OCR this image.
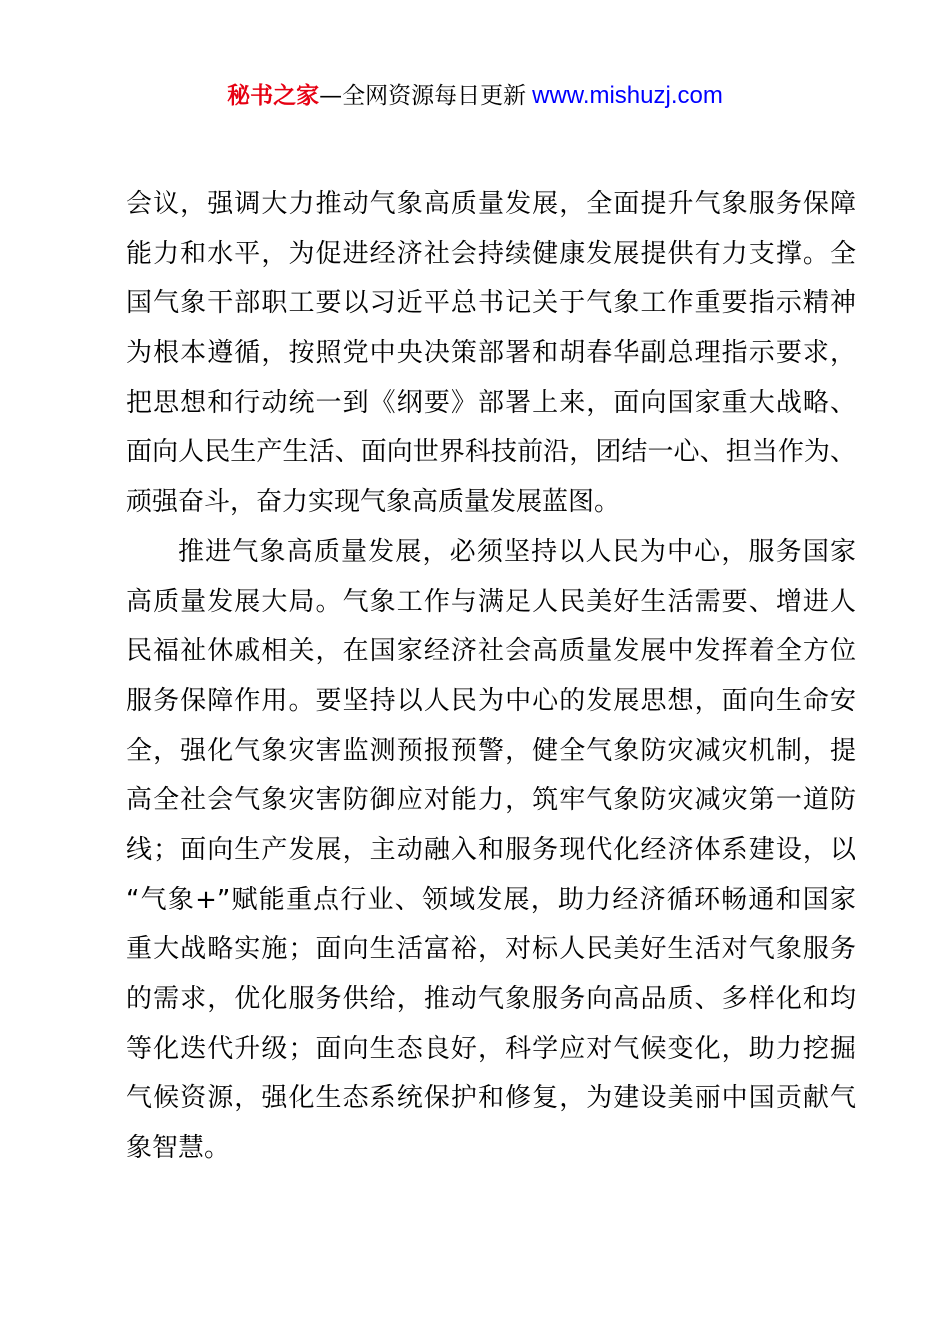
秘书之家—全网资源每日更新 www.mishuzj.com
会议，强调大力推动气象高质量发展，全面提升气象服务保障
能力和水平，为促进经济社会持续健康发展提供有力支撑。全
国气象干部职工要以习近平总书记关于气象工作重要指示精神
为根本遵循，按照党中央决策部署和胡春华副总理指示要求，
把思想和行动统一到《纲要》部署上来，面向国家重大战略、
面向人民生产生活、面向世界科技前沿，团结一心、担当作为、
顽强奋斗，奋力实现气象高质量发展蓝图。
推进气象高质量发展，必须坚持以人民为中心，服务国家
高质量发展大局。气象工作与满足人民美好生活需要、增进人
民福祉休戚相关，在国家经济社会高质量发展中发挥着全方位
服务保障作用。要坚持以人民为中心的发展思想，面向生命安
全，强化气象灾害监测预报预警，健全气象防灾减灾机制，提
高全社会气象灾害防御应对能力，筑牢气象防灾减灾第一道防
线；面向生产发展，主动融入和服务现代化经济体系建设，以
“气象+”赋能重点行业、领域发展，助力经济循环畅通和国家
重大战略实施；面向生活富裕，对标人民美好生活对气象服务
的需求，优化服务供给，推动气象服务向高品质、多样化和均
等化迭代升级；面向生态良好，科学应对气候变化，助力挖掘
气候资源，强化生态系统保护和修复，为建设美丽中国贡献气
象智慧。
